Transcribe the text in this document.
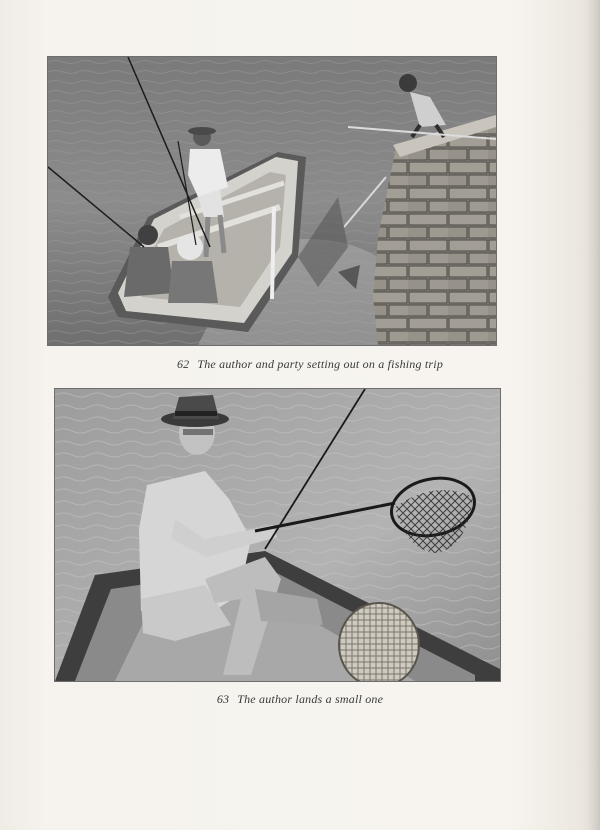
62 The author and party setting out on a fishing trip
63 The author lands a small one
